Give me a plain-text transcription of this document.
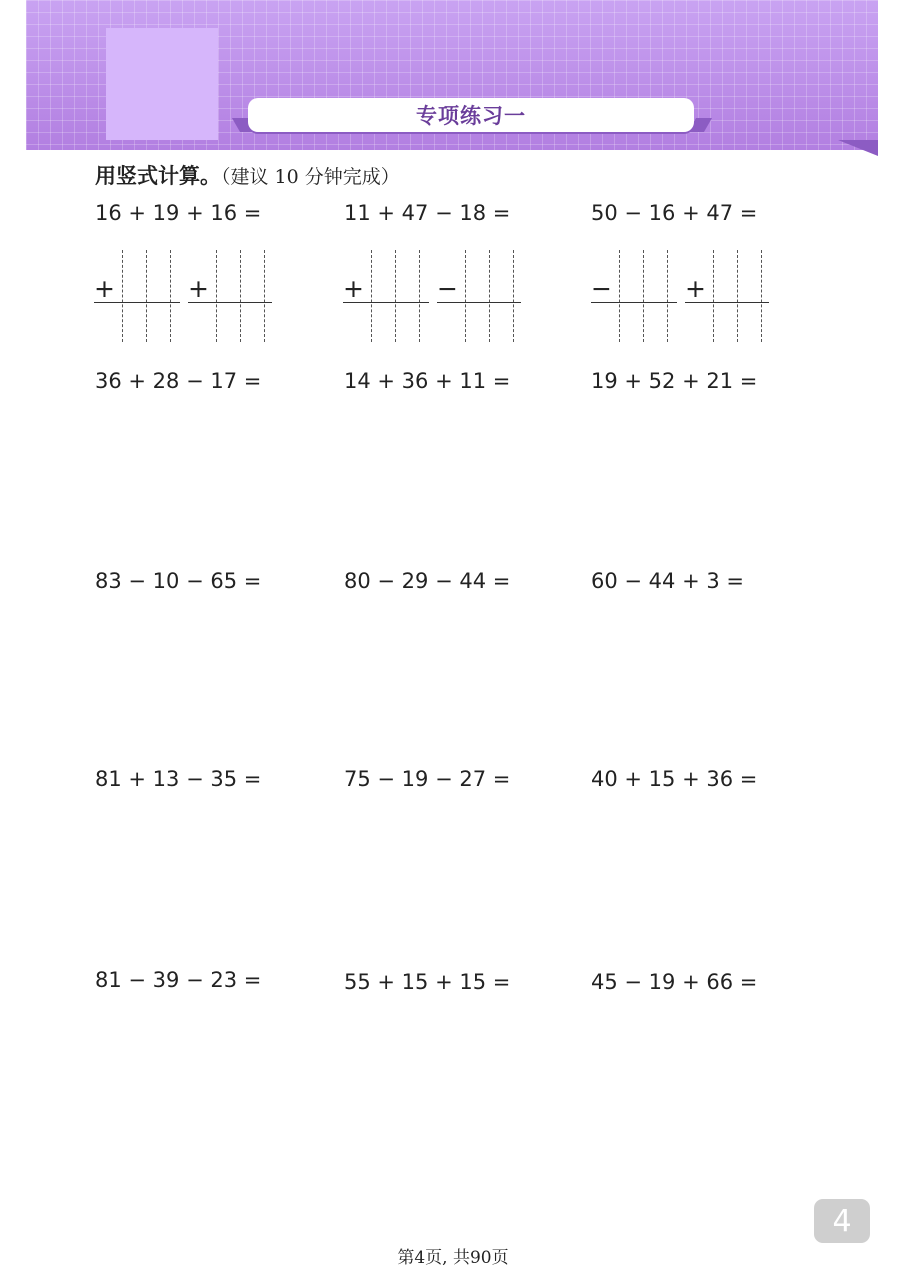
专项练习一
用竖式计算。（建议 10 分钟完成）
16 + 19 + 16 =	11 + 47 − 18 =	50 − 16 + 47 =
+	+	+	−	−	+
36 + 28 − 17 =	14 + 36 + 11 =	19 + 52 + 21 =
83 − 10 − 65 =	80 − 29 − 44 =	60 − 44 + 3 =
81 + 13 − 35 =	75 − 19 − 27 =	40 + 15 + 36 =
81 − 39 − 23 =	55 + 15 + 15 =	45 − 19 + 66 =
4
第4页, 共90页
